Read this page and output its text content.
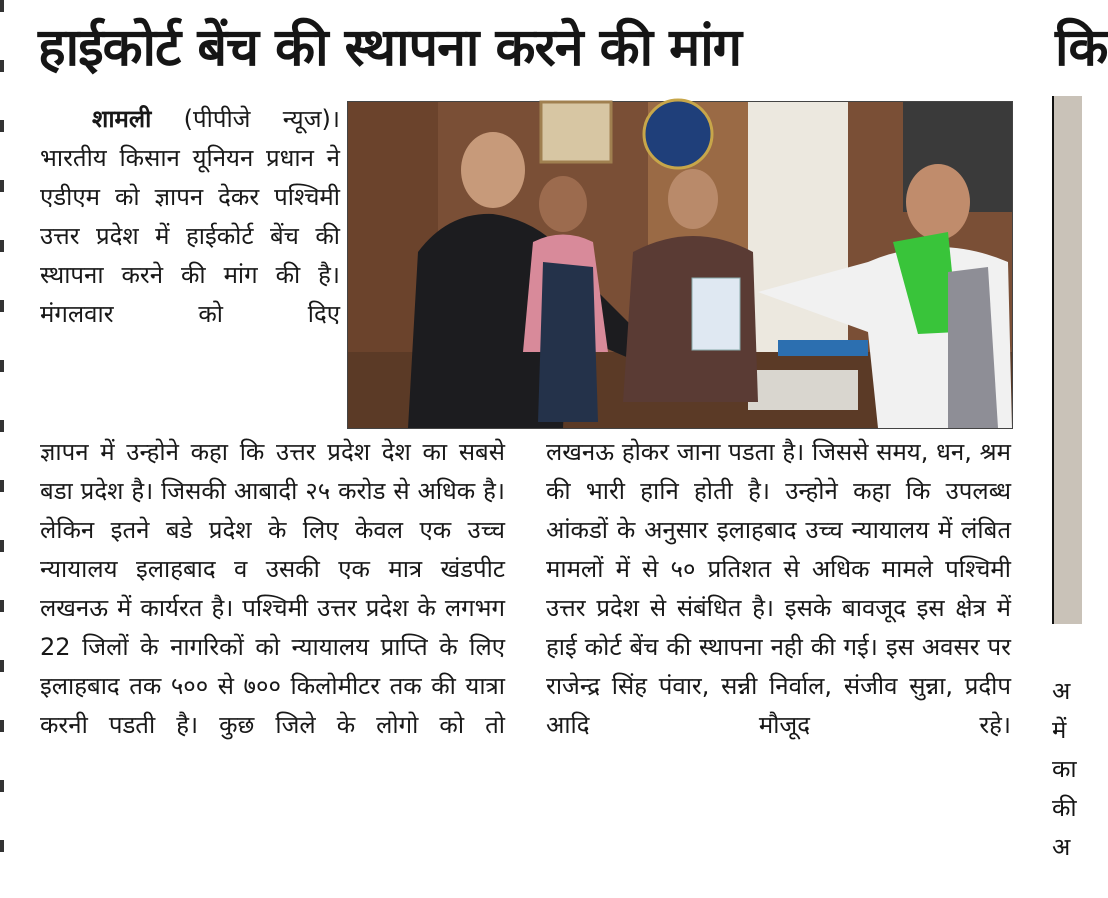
हाईकोर्ट बेंच की स्थापना करने की मांग	कि
शामली (पीपीजे न्यूज)। भारतीय किसान यूनियन प्रधान ने एडीएम को ज्ञापन देकर पश्चिमी उत्तर प्रदेश में हाईकोर्ट बेंच की स्थापना करने की मांग की है। मंगलवार को दिए
ज्ञापन में उन्होने कहा कि उत्तर प्रदेश देश का सबसे बडा प्रदेश है। जिसकी आबादी २५ करोड से अधिक है। लेकिन इतने बडे प्रदेश के लिए केवल एक उच्च न्यायालय इलाहबाद व उसकी एक मात्र खंडपीट लखनऊ में कार्यरत है। पश्चिमी उत्तर प्रदेश के लगभग 22 जिलों के नागरिकों को न्यायालय प्राप्ति के लिए इलाहबाद तक ५०० से ७०० किलोमीटर तक की यात्रा करनी पडती है। कुछ जिले के लोगो को तो
लखनऊ होकर जाना पडता है। जिससे समय, धन, श्रम की भारी हानि होती है। उन्होने कहा कि उपलब्ध आंकडों के अनुसार इलाहबाद उच्च न्यायालय में लंबित मामलों में से ५० प्रतिशत से अधिक मामले पश्चिमी उत्तर प्रदेश से संबंधित है। इसके बावजूद इस क्षेत्र में हाई कोर्ट बेंच की स्थापना नही की गई। इस अवसर पर राजेन्द्र सिंह पंवार, सन्नी निर्वाल, संजीव सुन्ना, प्रदीप आदि मौजूद रहे।
अ
में
का
की
अ
